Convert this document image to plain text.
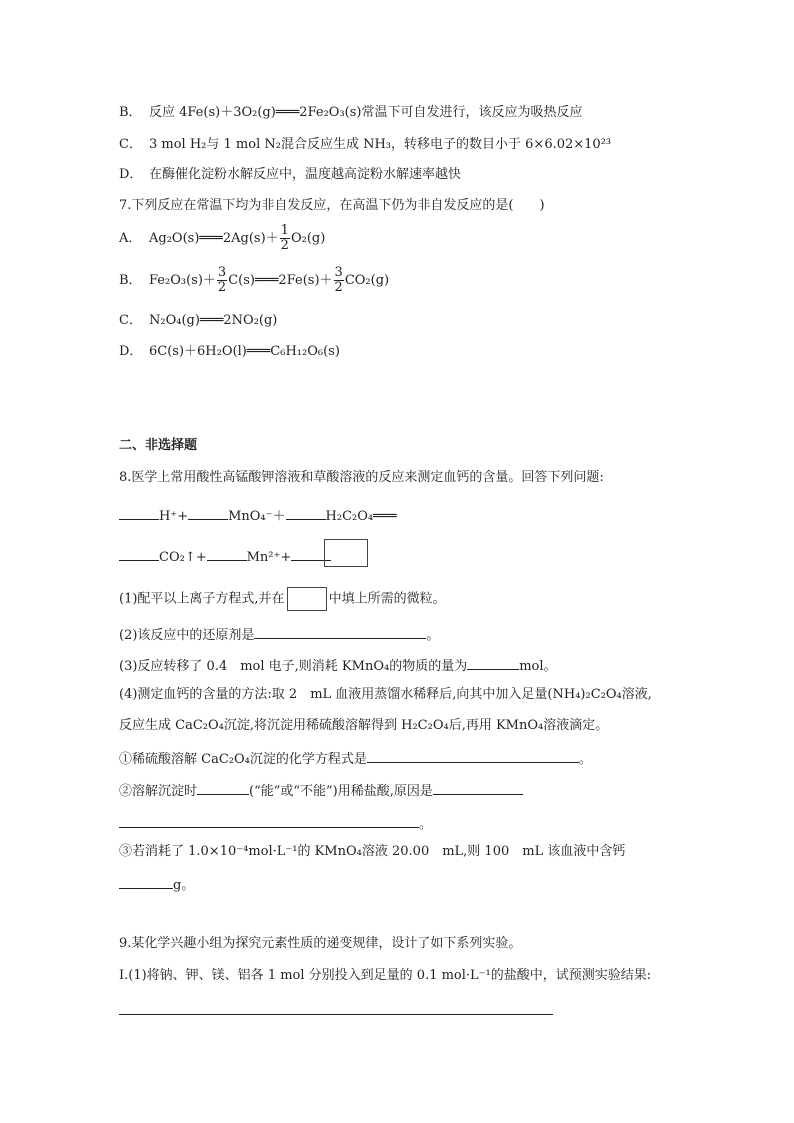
B． 反应 4Fe(s)＋3O₂(g)═══2Fe₂O₃(s)常温下可自发进行，该反应为吸热反应
C． 3 mol H₂与 1 mol N₂混合反应生成 NH₃，转移电子的数目小于 6×6.02×10²³
D． 在酶催化淀粉水解反应中，温度越高淀粉水解速率越快
7.下列反应在常温下均为非自发反应，在高温下仍为非自发反应的是(　　)
A． Ag₂O(s)═══2Ag(s)＋ $\frac{1}{2} O_2(g)$
B． $Fe_2O_3(s)+ \frac{3}{2}$ C(s)═══2Fe(s)＋ $\frac{3}{2} CO_2(g)$
C． N₂O₄(g)═══2NO₂(g)
D． 6C(s)＋6H₂O(l)═══C₆H₁₂O₆(s)
二、非选择题
8.医学上常用酸性高锰酸钾溶液和草酸溶液的反应来测定血钙的含量。回答下列问题:
H⁺+	MnO₄⁻＋	H₂C₂O₄═══
CO₂↑+	Mn²⁺+
(1)配平以上离子方程式,并在	中填上所需的微粒。
(2)该反应中的还原剂是	。
(3)反应转移了 0.4　mol 电子,则消耗 KMnO₄的物质的量为	mol。
(4)测定血钙的含量的方法:取 2　mL 血液用蒸馏水稀释后,向其中加入足量(NH₄)₂C₂O₄溶液,
反应生成 CaC₂O₄沉淀,将沉淀用稀硫酸溶解得到 H₂C₂O₄后,再用 KMnO₄溶液滴定。
①稀硫酸溶解 CaC₂O₄沉淀的化学方程式是	。
②溶解沉淀时	(“能”或“不能”)用稀盐酸,原因是
。
③若消耗了 1.0×10⁻⁴mol·L⁻¹的 KMnO₄溶液 20.00　mL,则 100　mL 该血液中含钙
g。
9.某化学兴趣小组为探究元素性质的递变规律，设计了如下系列实验。
Ⅰ.(1)将钠、钾、镁、铝各 1 mol 分别投入到足量的 0.1 mol·L⁻¹的盐酸中，试预测实验结果:
